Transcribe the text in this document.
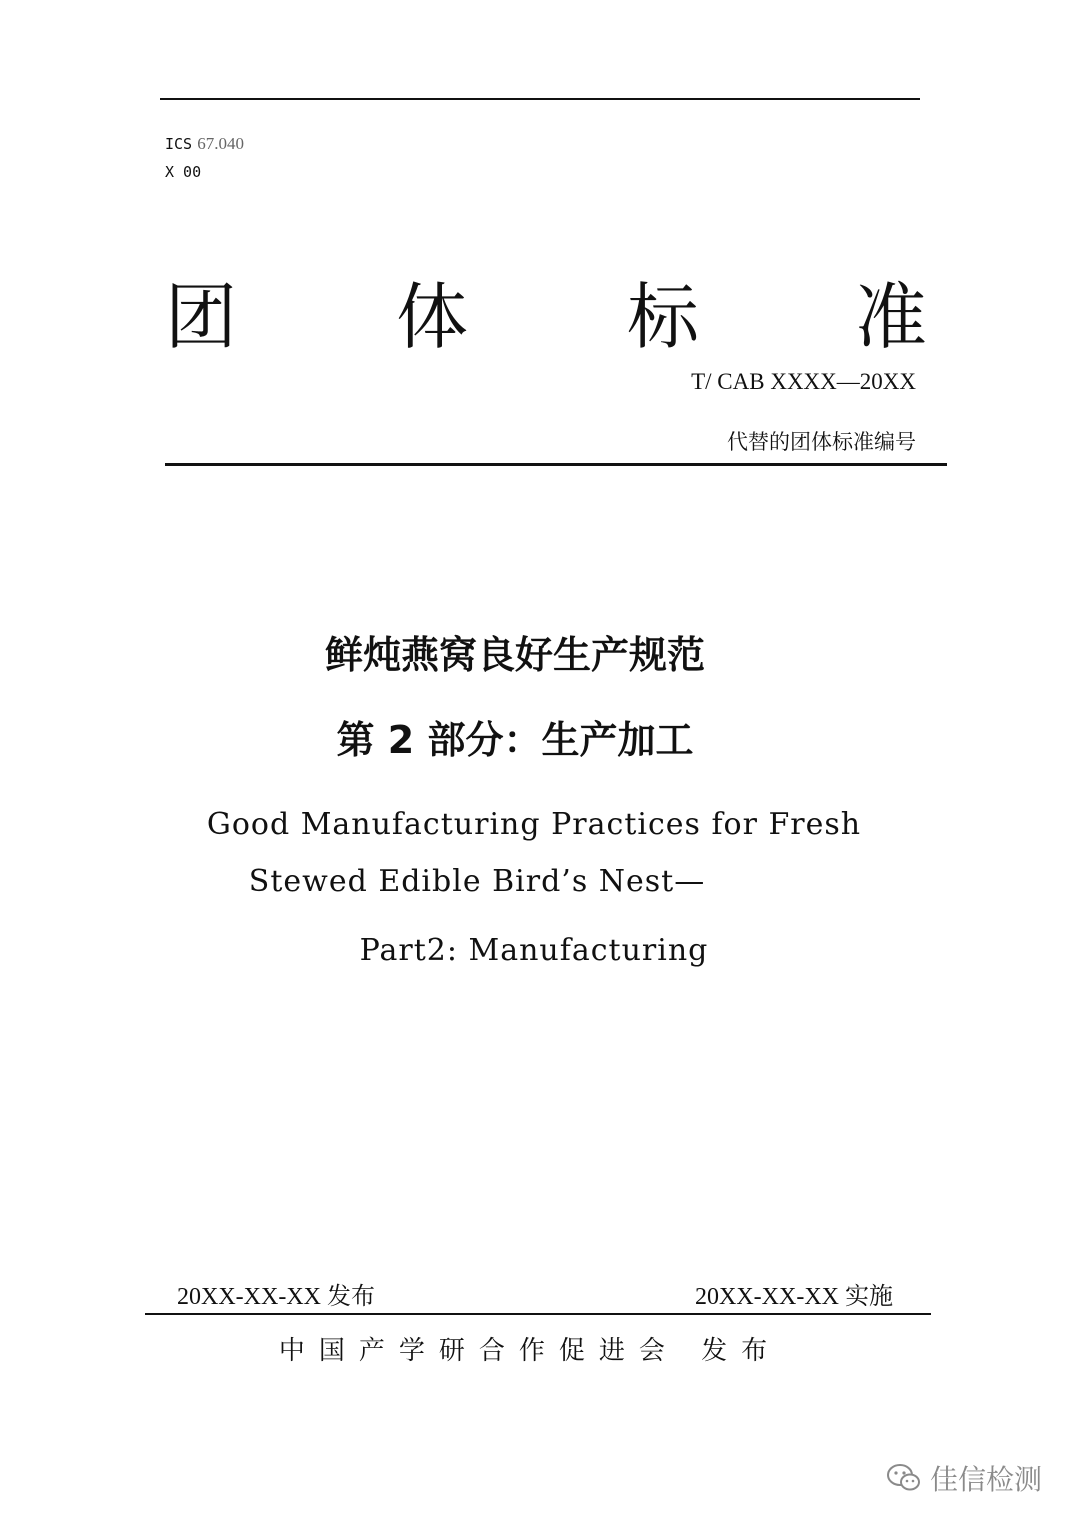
ICS 67.040
X 00
团 体 标 准
T/ CAB XXXX—20XX
代替的团体标准编号
鲜炖燕窝良好生产规范
第 2 部分：生产加工
Good Manufacturing Practices for Fresh
Stewed Edible Bird’s Nest—
Part2: Manufacturing
20XX-XX-XX 发布	20XX-XX-XX 实施
中国产学研合作促进会 发布
佳信检测
